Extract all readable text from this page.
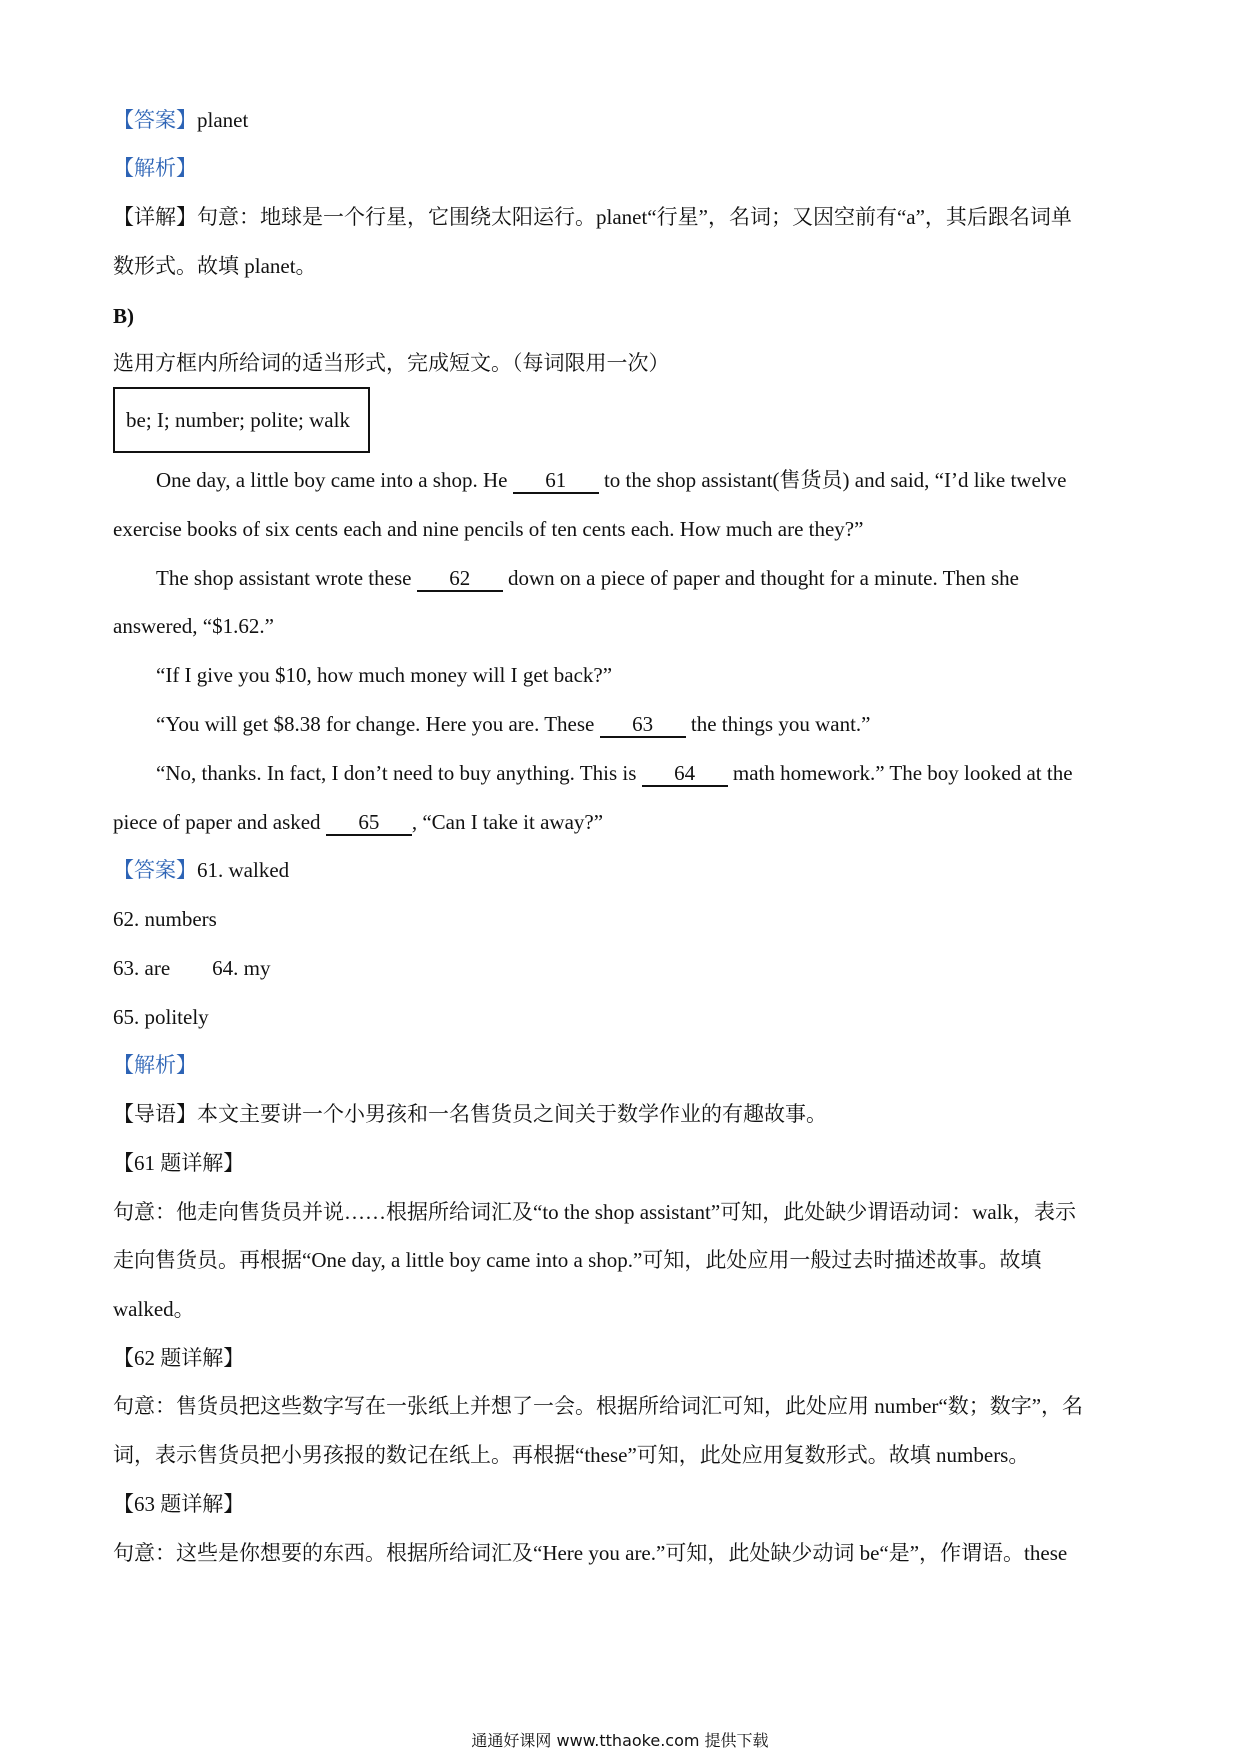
【答案】planet
【解析】
【详解】句意：地球是一个行星，它围绕太阳运行。planet“行星”，名词；又因空前有“a”，其后跟名词单
数形式。故填 planet。
B)
选用方框内所给词的适当形式，完成短文。（每词限用一次）
be; I; number; polite; walk
One day, a little boy came into a shop. He 61 to the shop assistant(售货员) and said, “I’d like twelve
exercise books of six cents each and nine pencils of ten cents each. How much are they?”
The shop assistant wrote these 62 down on a piece of paper and thought for a minute. Then she
answered, “$1.62.”
“If I give you $10, how much money will I get back?”
“You will get $8.38 for change. Here you are. These 63 the things you want.”
“No, thanks. In fact, I don’t need to buy anything. This is 64 math homework.” The boy looked at the
piece of paper and asked 65 , “Can I take it away?”
【答案】61. walked
62. numbers
63. are 64. my
65. politely
【解析】
【导语】本文主要讲一个小男孩和一名售货员之间关于数学作业的有趣故事。
【61 题详解】
句意：他走向售货员并说……根据所给词汇及“to the shop assistant”可知，此处缺少谓语动词：walk，表示
走向售货员。再根据“One day, a little boy came into a shop.”可知，此处应用一般过去时描述故事。故填
walked。
【62 题详解】
句意：售货员把这些数字写在一张纸上并想了一会。根据所给词汇可知，此处应用 number“数；数字”，名
词，表示售货员把小男孩报的数记在纸上。再根据“these”可知，此处应用复数形式。故填 numbers。
【63 题详解】
句意：这些是你想要的东西。根据所给词汇及“Here you are.”可知，此处缺少动词 be“是”，作谓语。these
通通好课网 www.tthaoke.com 提供下载
